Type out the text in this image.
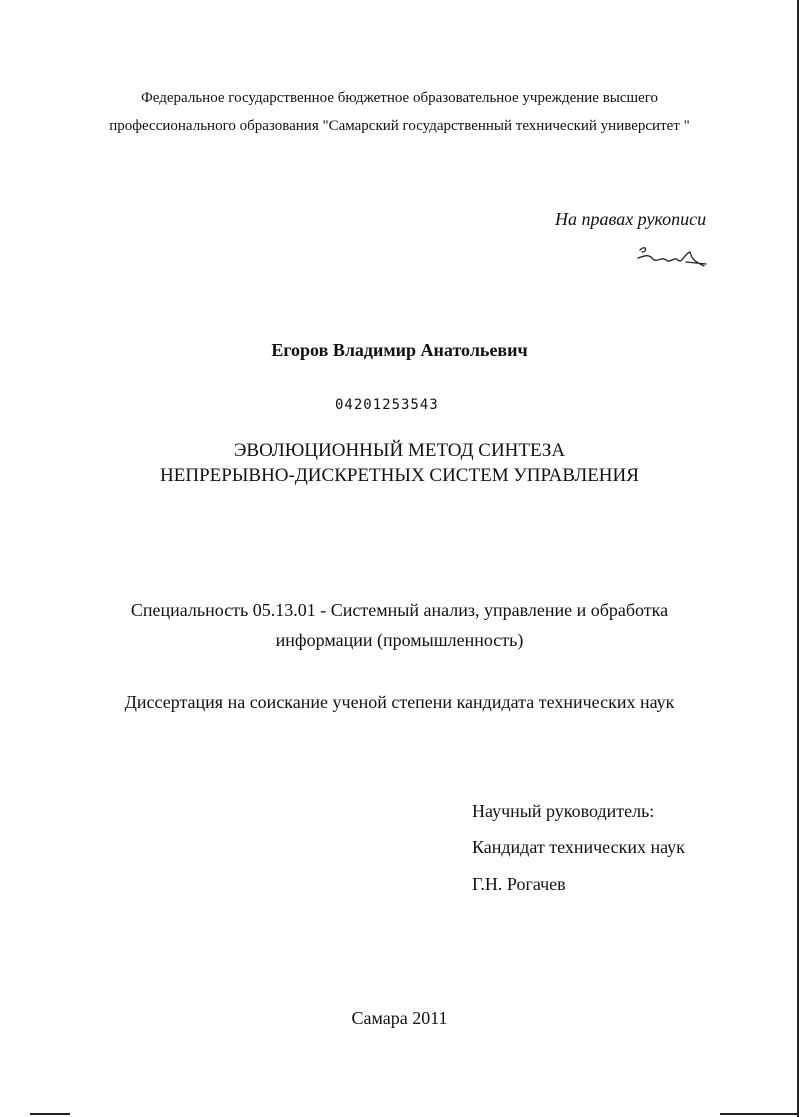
Федеральное государственное бюджетное образовательное учреждение высшего
профессионального образования "Самарский государственный технический университет "
На правах рукописи
Егоров Владимир Анатольевич
04201253543
ЭВОЛЮЦИОННЫЙ МЕТОД СИНТЕЗА
НЕПРЕРЫВНО-ДИСКРЕТНЫХ СИСТЕМ УПРАВЛЕНИЯ
Специальность 05.13.01 - Системный анализ, управление и обработка
информации (промышленность)
Диссертация на соискание ученой степени кандидата технических наук
Научный руководитель:
Кандидат технических наук
Г.Н. Рогачев
Самара 2011
